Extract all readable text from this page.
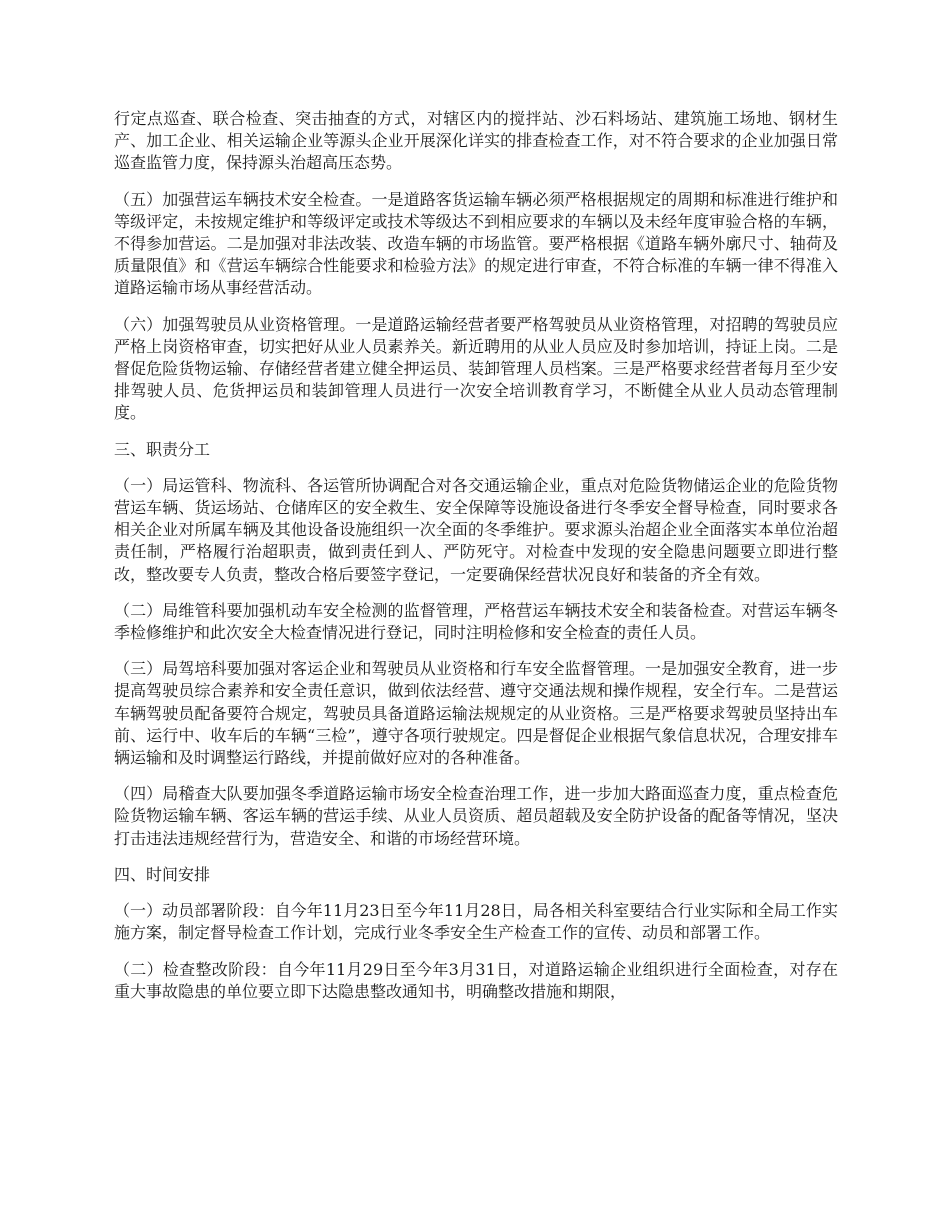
行定点巡查、联合检查、突击抽查的方式，对辖区内的搅拌站、沙石料场站、建筑施工场地、钢材生产、加工企业、相关运输企业等源头企业开展深化详实的排查检查工作，对不符合要求的企业加强日常巡查监管力度，保持源头治超高压态势。

（五）加强营运车辆技术安全检查。一是道路客货运输车辆必须严格根据规定的周期和标准进行维护和等级评定，未按规定维护和等级评定或技术等级达不到相应要求的车辆以及未经年度审验合格的车辆，不得参加营运。二是加强对非法改装、改造车辆的市场监管。要严格根据《道路车辆外廓尺寸、轴荷及质量限值》和《营运车辆综合性能要求和检验方法》的规定进行审查，不符合标准的车辆一律不得准入道路运输市场从事经营活动。

（六）加强驾驶员从业资格管理。一是道路运输经营者要严格驾驶员从业资格管理，对招聘的驾驶员应严格上岗资格审查，切实把好从业人员素养关。新近聘用的从业人员应及时参加培训，持证上岗。二是督促危险货物运输、存储经营者建立健全押运员、装卸管理人员档案。三是严格要求经营者每月至少安排驾驶人员、危货押运员和装卸管理人员进行一次安全培训教育学习，不断健全从业人员动态管理制度。

三、职责分工

（一）局运管科、物流科、各运管所协调配合对各交通运输企业，重点对危险货物储运企业的危险货物营运车辆、货运场站、仓储库区的安全救生、安全保障等设施设备进行冬季安全督导检查，同时要求各相关企业对所属车辆及其他设备设施组织一次全面的冬季维护。要求源头治超企业全面落实本单位治超责任制，严格履行治超职责，做到责任到人、严防死守。对检查中发现的安全隐患问题要立即进行整改，整改要专人负责，整改合格后要签字登记，一定要确保经营状况良好和装备的齐全有效。

（二）局维管科要加强机动车安全检测的监督管理，严格营运车辆技术安全和装备检查。对营运车辆冬季检修维护和此次安全大检查情况进行登记，同时注明检修和安全检查的责任人员。

（三）局驾培科要加强对客运企业和驾驶员从业资格和行车安全监督管理。一是加强安全教育，进一步提高驾驶员综合素养和安全责任意识，做到依法经营、遵守交通法规和操作规程，安全行车。二是营运车辆驾驶员配备要符合规定，驾驶员具备道路运输法规规定的从业资格。三是严格要求驾驶员坚持出车前、运行中、收车后的车辆“三检”，遵守各项行驶规定。四是督促企业根据气象信息状况，合理安排车辆运输和及时调整运行路线，并提前做好应对的各种准备。

（四）局稽查大队要加强冬季道路运输市场安全检查治理工作，进一步加大路面巡查力度，重点检查危险货物运输车辆、客运车辆的营运手续、从业人员资质、超员超载及安全防护设备的配备等情况，坚决打击违法违规经营行为，营造安全、和谐的市场经营环境。

四、时间安排

（一）动员部署阶段：自今年11月23日至今年11月28日，局各相关科室要结合行业实际和全局工作实施方案，制定督导检查工作计划，完成行业冬季安全生产检查工作的宣传、动员和部署工作。

（二）检查整改阶段：自今年11月29日至今年3月31日，对道路运输企业组织进行全面检查，对存在重大事故隐患的单位要立即下达隐患整改通知书，明确整改措施和期限，
